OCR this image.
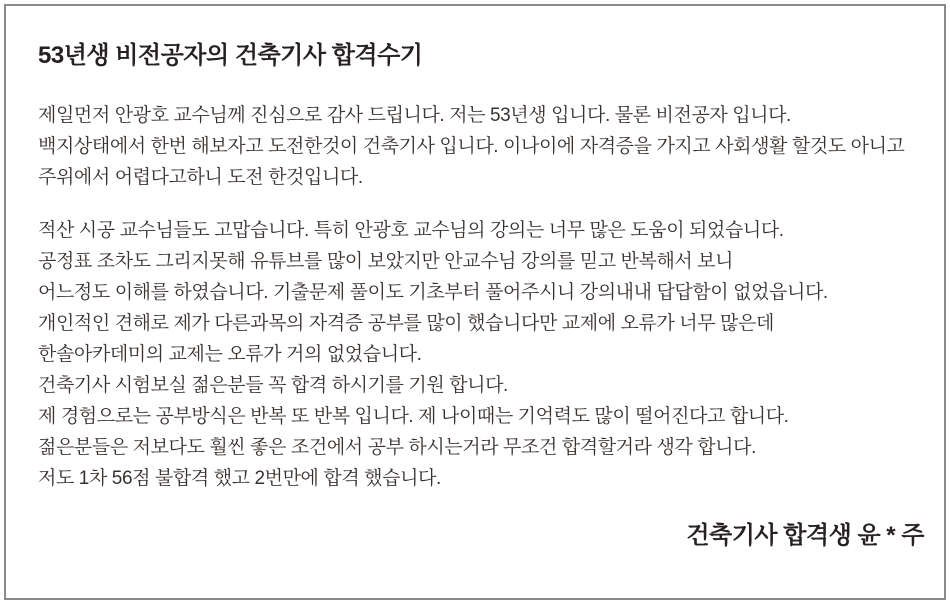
53년생 비전공자의 건축기사 합격수기
제일먼저 안광호 교수님께 진심으로 감사 드립니다. 저는 53년생 입니다. 물론 비전공자 입니다.
백지상태에서 한번 해보자고 도전한것이 건축기사 입니다. 이나이에 자격증을 가지고 사회생활 할것도 아니고
주위에서 어렵다고하니 도전 한것입니다.
적산 시공 교수님들도 고맙습니다. 특히 안광호 교수님의 강의는 너무 많은 도움이 되었습니다.
공정표 조차도 그리지못해 유튜브를 많이 보았지만 안교수님 강의를 믿고 반복해서 보니
어느정도 이해를 하였습니다. 기출문제 풀이도 기초부터 풀어주시니 강의내내 답답함이 없었읍니다.
개인적인 견해로 제가 다른과목의 자격증 공부를 많이 했습니다만 교제에 오류가 너무 많은데
한솔아카데미의 교제는 오류가 거의 없었습니다.
건축기사 시험보실 젊은분들 꼭 합격 하시기를 기원 합니다.
제 경험으로는 공부방식은 반복 또 반복 입니다. 제 나이때는 기억력도 많이 떨어진다고 합니다.
젊은분들은 저보다도 훨씬 좋은 조건에서 공부 하시는거라 무조건 합격할거라 생각 합니다.
저도 1차 56점 불합격 했고 2번만에 합격 했습니다.
건축기사 합격생 윤 * 주
